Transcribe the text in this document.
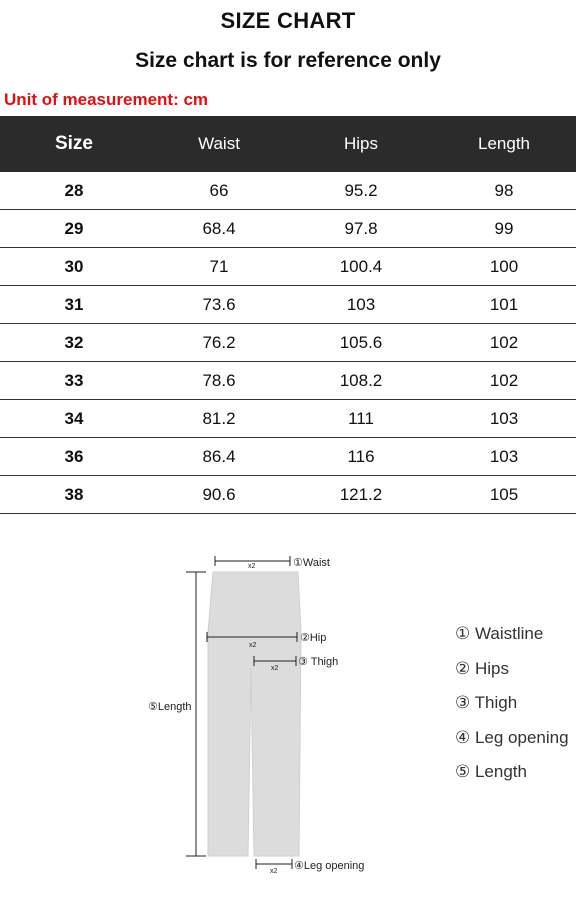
SIZE CHART
Size chart is for reference only
Unit of measurement: cm
Size	Waist	Hips	Length
28	66	95.2	98
29	68.4	97.8	99
30	71	100.4	100
31	73.6	103	101
32	76.2	105.6	102
33	78.6	108.2	102
34	81.2	111	103
36	86.4	116	103
38	90.6	121.2	105
x2
x2
x2
x2
①Waist
②Hip
③ Thigh
④Leg opening
⑤Length
① Waistline
② Hips
③ Thigh
④ Leg opening
⑤ Length
